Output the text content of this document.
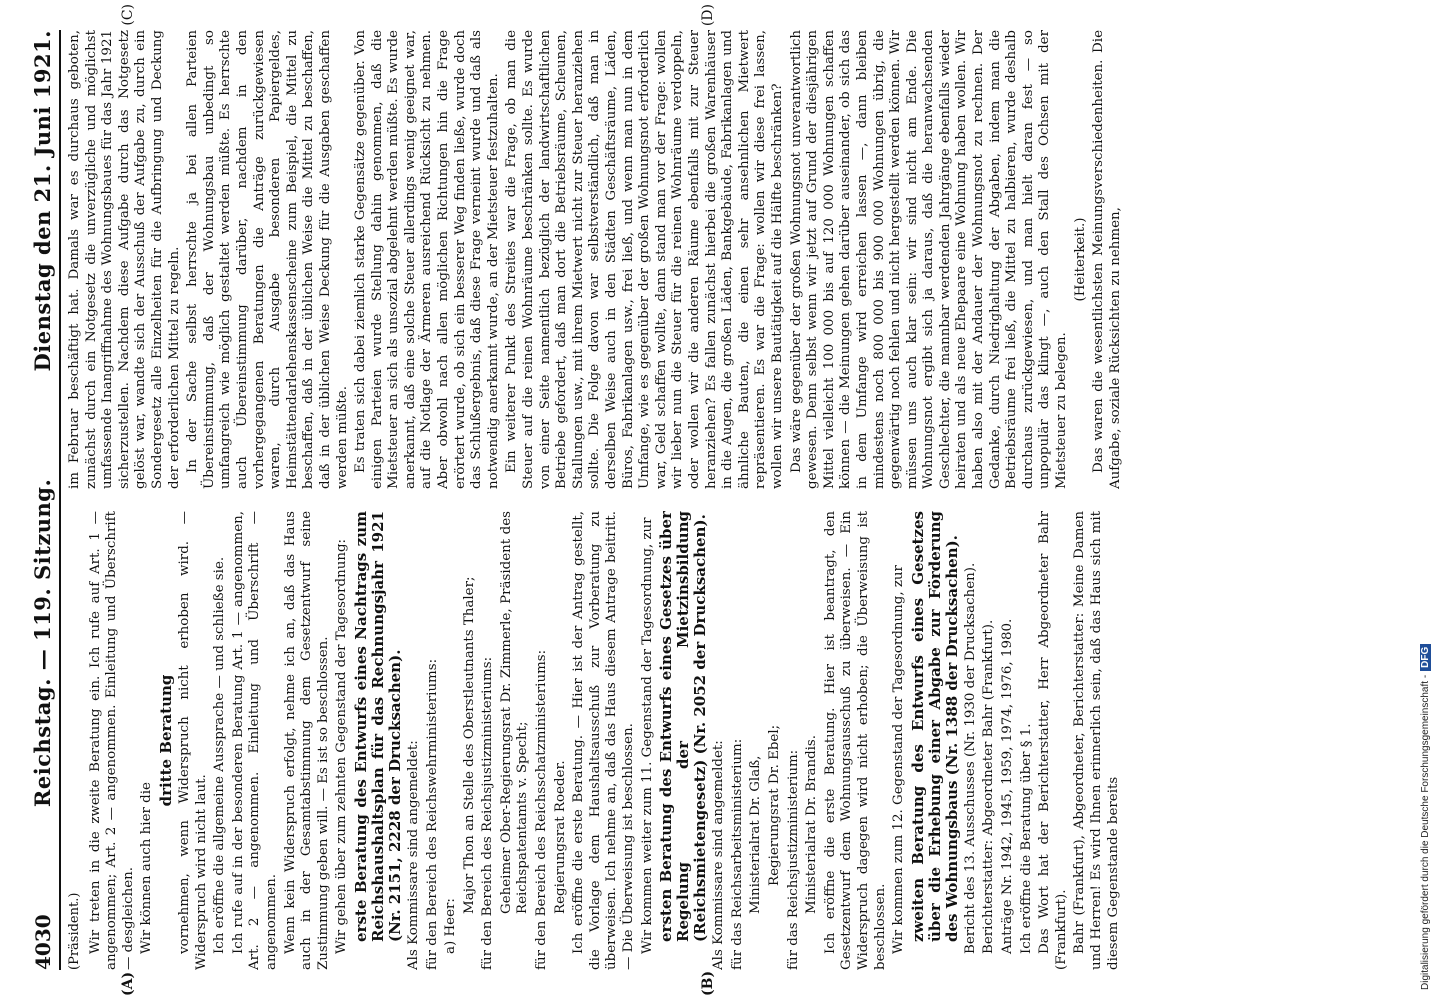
4030
Reichstag. — 119. Sitzung.
Dienstag den 21. Juni 1921.

(Präsident.) Wir treten in die zweite Beratung ein. Ich rufe auf Art. 1 — angenommen; Art. 2 — angenommen. Einleitung und Überschrift — desgleichen. Wir können auch hier die

dritte Beratung vornehmen, wenn Widerspruch nicht erhoben wird. — Widerspruch wird nicht laut. Ich eröffne die allgemeine Aussprache — und schließe sie. Ich rufe auf in der besonderen Beratung Art. 1 — angenommen, Art. 2 — angenommen. Einleitung und Überschrift — angenommen. Wenn kein Widerspruch erfolgt, nehme ich an, daß das Haus auch in der Gesamtabstimmung dem Gesetzentwurf seine Zustimmung geben will. — Es ist so beschlossen. Wir gehen über zum zehnten Gegenstand der Tagesordnung: erste Beratung des Entwurfs eines Nachtrags zum Reichshaushaltsplan für das Rechnungsjahr 1921 (Nr. 2151, 2228 der Drucksachen). Als Kommissare sind angemeldet: für den Bereich des Reichswehrministeriums: a) Heer:

Major Thon an Stelle des Oberstleutnants Thaler; für den Bereich des Reichsjustizministeriums: Geheimer Ober-Regierungsrat Dr. Zimmerle, Präsident des Reichspatentamts v. Specht; für den Bereich des Reichsschatzministeriums: Regierungsrat Roeder. Ich eröffne die erste Beratung. — Hier ist der Antrag gestellt, die Vorlage dem Haushaltsausschuß zur Vorberatung zu überweisen. Ich nehme an, daß das Haus diesem Antrage beitritt. — Die Überweisung ist beschlossen. Wir kommen weiter zum 11. Gegenstand der Tagesordnung, zur ersten Beratung des Entwurfs eines Gesetzes über Regelung der Mietzinsbildung (Reichsmietengesetz) (Nr. 2052 der Drucksachen). Als Kommissare sind angemeldet: für das Reichsarbeitsministerium: Ministerialrat Dr. Glaß, Regierungsrat Dr. Ebel; für das Reichsjustizministerium: Ministerialrat Dr. Brandis. Ich eröffne die erste Beratung. Hier ist beantragt, den Gesetzentwurf dem Wohnungsausschuß zu überweisen. — Ein Widerspruch dagegen wird nicht erhoben; die Überweisung ist beschlossen. Wir kommen zum 12. Gegenstand der Tagesordnung, zur zweiten Beratung des Entwurfs eines Gesetzes über die Erhebung einer Abgabe zur Förderung des Wohnungsbaus (Nr. 1388 der Drucksachen). Bericht des 13. Ausschusses (Nr. 1930 der Drucksachen). Berichterstatter: Abgeordneter Bahr (Frankfurt). Anträge Nr. 1942, 1945, 1959, 1974, 1976, 1980. Ich eröffne die Beratung über § 1. Das Wort hat der Berichterstatter, Herr Abgeordneter Bahr (Frankfurt). Bahr (Frankfurt), Abgeordneter, Berichterstatter: Meine Damen und Herren! Es wird Ihnen erinnerlich sein, daß das Haus sich mit diesem Gegenstande bereits

im Februar beschäftigt hat. Damals war es durchaus geboten, zunächst durch ein Notgesetz die unverzügliche und möglichst umfassende Inangriffnahme des Wohnungsbaues für das Jahr 1921 sicherzustellen. Nachdem diese Aufgabe durch das Notgesetz gelöst war, wandte sich der Ausschuß der Aufgabe zu, durch ein Sondergesetz alle Einzelheiten für die Aufbringung und Deckung der erforderlichen Mittel zu regeln. In der Sache selbst herrschte ja bei allen Parteien Übereinstimmung, daß der Wohnungsbau unbedingt so umfangreich wie möglich gestaltet werden müßte. Es herrschte auch Übereinstimmung darüber, nachdem in den vorhergegangenen Beratungen die Anträge zurückgewiesen waren, durch Ausgabe besonderen Papiergeldes, Heimstättendarlehenskassenscheine zum Beispiel, die Mittel zu beschaffen, daß in der üblichen Weise die Mittel zu beschaffen, daß in der üblichen Weise Deckung für die Ausgaben geschaffen werden müßte. Es traten sich dabei ziemlich starke Gegensätze gegenüber. Von einigen Parteien wurde Stellung dahin genommen, daß die Mietsteuer an sich als unsozial abgelehnt werden müßte. Es wurde anerkannt, daß eine solche Steuer allerdings wenig geeignet war, auf die Notlage der Ärmeren ausreichend Rücksicht zu nehmen. Aber obwohl nach allen möglichen Richtungen hin die Frage erörtert wurde, ob sich ein besserer Weg finden ließe, wurde doch das Schlußergebnis, daß diese Frage verneint wurde und daß als notwendig anerkannt wurde, an der Mietsteuer festzuhalten. Ein weiterer Punkt des Streites war die Frage, ob man die Steuer auf die reinen Wohnräume beschränken sollte. Es wurde von einer Seite namentlich bezüglich der landwirtschaftlichen Betriebe gefordert, daß man dort die Betriebsräume, Scheunen, Stallungen usw., mit ihrem Mietwert nicht zur Steuer heranziehen sollte. Die Folge davon war selbstverständlich, daß man in derselben Weise auch in den Städten Geschäftsräume, Läden, Büros, Fabrikanlagen usw., frei ließ, und wenn man nun in dem Umfange, wie es gegenüber der großen Wohnungsnot erforderlich war, Geld schaffen wollte, dann stand man vor der Frage: wollen wir lieber nun die Steuer für die reinen Wohnräume verdoppeln, oder wollen wir die anderen Räume ebenfalls mit zur Steuer heranziehen? Es fallen zunächst hierbei die großen Warenhäuser in die Augen, die großen Läden, Bankgebäude, Fabrikanlagen und ähnliche Bauten, die einen sehr ansehnlichen Mietwert repräsentieren. Es war die Frage: wollen wir diese frei lassen, wollen wir unsere Bautätigkeit auf die Hälfte beschränken? Das wäre gegenüber der großen Wohnungsnot unverantwortlich gewesen. Denn selbst wenn wir jetzt auf Grund der diesjährigen Mittel vielleicht 100 000 bis auf 120 000 Wohnungen schaffen können — die Meinungen gehen darüber auseinander, ob sich das in dem Umfange wird erreichen lassen —, dann bleiben mindestens noch 800 000 bis 900 000 Wohnungen übrig, die gegenwärtig noch fehlen und nicht hergestellt werden können. Wir müssen uns auch klar sein: wir sind nicht am Ende. Die Wohnungsnot ergibt sich ja daraus, daß die heranwachsenden Geschlechter, die mannbar werdenden Jahrgänge ebenfalls wieder heiraten und als neue Ehepaare eine Wohnung haben wollen. Wir haben also mit der Andauer der Wohnungsnot zu rechnen. Der Gedanke, durch Niedrighaltung der Abgaben, indem man die Betriebsräume frei ließ, die Mittel zu halbieren, wurde deshalb durchaus zurückgewiesen, und man hielt daran fest — so unpopulär das klingt —, auch den Stall des Ochsen mit der Mietsteuer zu belegen.

(Heiterkeit.) Das waren die wesentlichsten Meinungsverschiedenheiten. Die Aufgabe, soziale Rücksichten zu nehmen,

(A)	(B)
(C)	(D)
Digitalisierung gefördert durch die Deutsche Forschungsgemeinschaft -DFG
